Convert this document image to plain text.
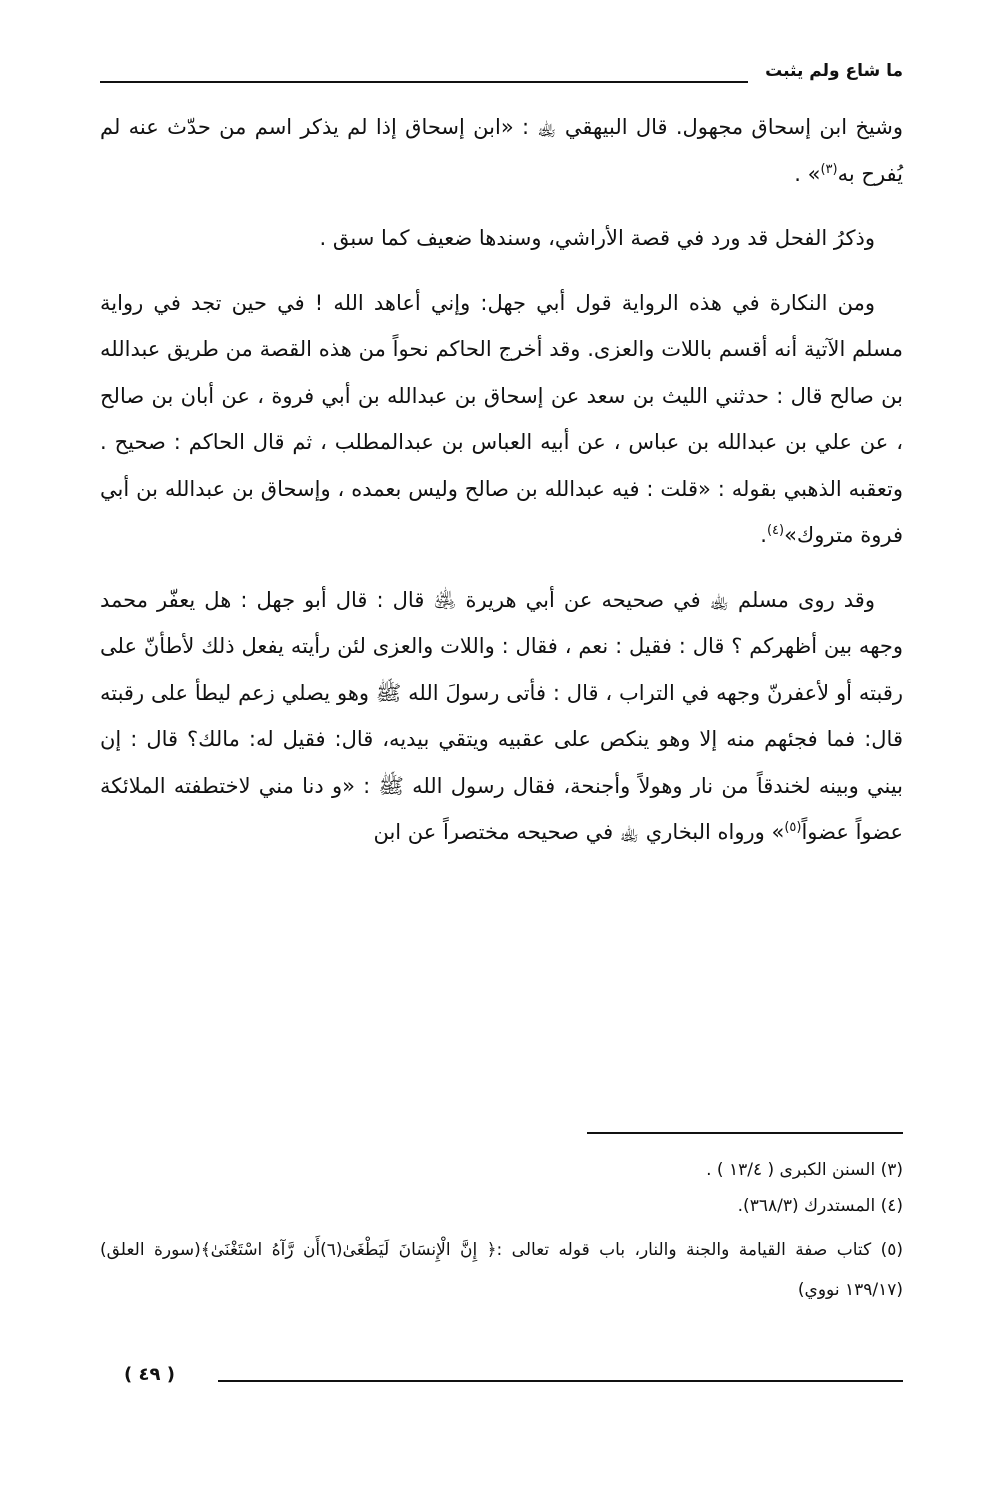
ما شاع ولم يثبت

وشيخ ابن إسحاق مجهول. قال البيهقي ﵀ : «ابن إسحاق إذا لم يذكر اسم من حدّث عنه لم يُفرح به$^{(٣)}$» .

وذكرُ الفحل قد ورد في قصة الأراشي، وسندها ضعيف كما سبق .

ومن النكارة في هذه الرواية قول أبي جهل: وإني أعاهد الله ! في حين تجد في رواية مسلم الآتية أنه أقسم باللات والعزى. وقد أخرج الحاكم نحواً من هذه القصة من طريق عبدالله بن صالح قال : حدثني الليث بن سعد عن إسحاق بن عبدالله بن أبي فروة ، عن أبان بن صالح ، عن علي بن عبدالله بن عباس ، عن أبيه العباس بن عبدالمطلب ، ثم قال الحاكم : صحيح . وتعقبه الذهبي بقوله : «قلت : فيه عبدالله بن صالح وليس بعمده ، وإسحاق بن عبدالله بن أبي فروة متروك»$^{(٤)}$.

وقد روى مسلم ﵀ في صحيحه عن أبي هريرة ﵁ قال : قال أبو جهل : هل يعفّر محمد وجهه بين أظهركم ؟ قال : فقيل : نعم ، فقال : واللات والعزى لئن رأيته يفعل ذلك لأطأنّ على رقبته أو لأعفرنّ وجهه في التراب ، قال : فأتى رسولَ الله ﷺ وهو يصلي زعم ليطأ على رقبته قال: فما فجئهم منه إلا وهو ينكص على عقبيه ويتقي بيديه، قال: فقيل له: مالك؟ قال : إن بيني وبينه لخندقاً من نار وهولاً وأجنحة، فقال رسول الله ﷺ : «و دنا مني لاختطفته الملائكة عضواً عضواً$^{(٥)}$» ورواه البخاري ﵀ في صحيحه مختصراً عن ابن

(٣) السنن الكبرى ( ١٣/٤ ) .
(٤) المستدرك (٣٦٨/٣).
(٥) كتاب صفة القيامة والجنة والنار، باب قوله تعالى :﴿ إِنَّ الْإِنسَانَ لَيَطْغَىٰ(٦)أَن رَّآهُ اسْتَغْنَىٰ﴾(سورة العلق) (١٣٩/١٧ نووي)
( ٤٩ )
